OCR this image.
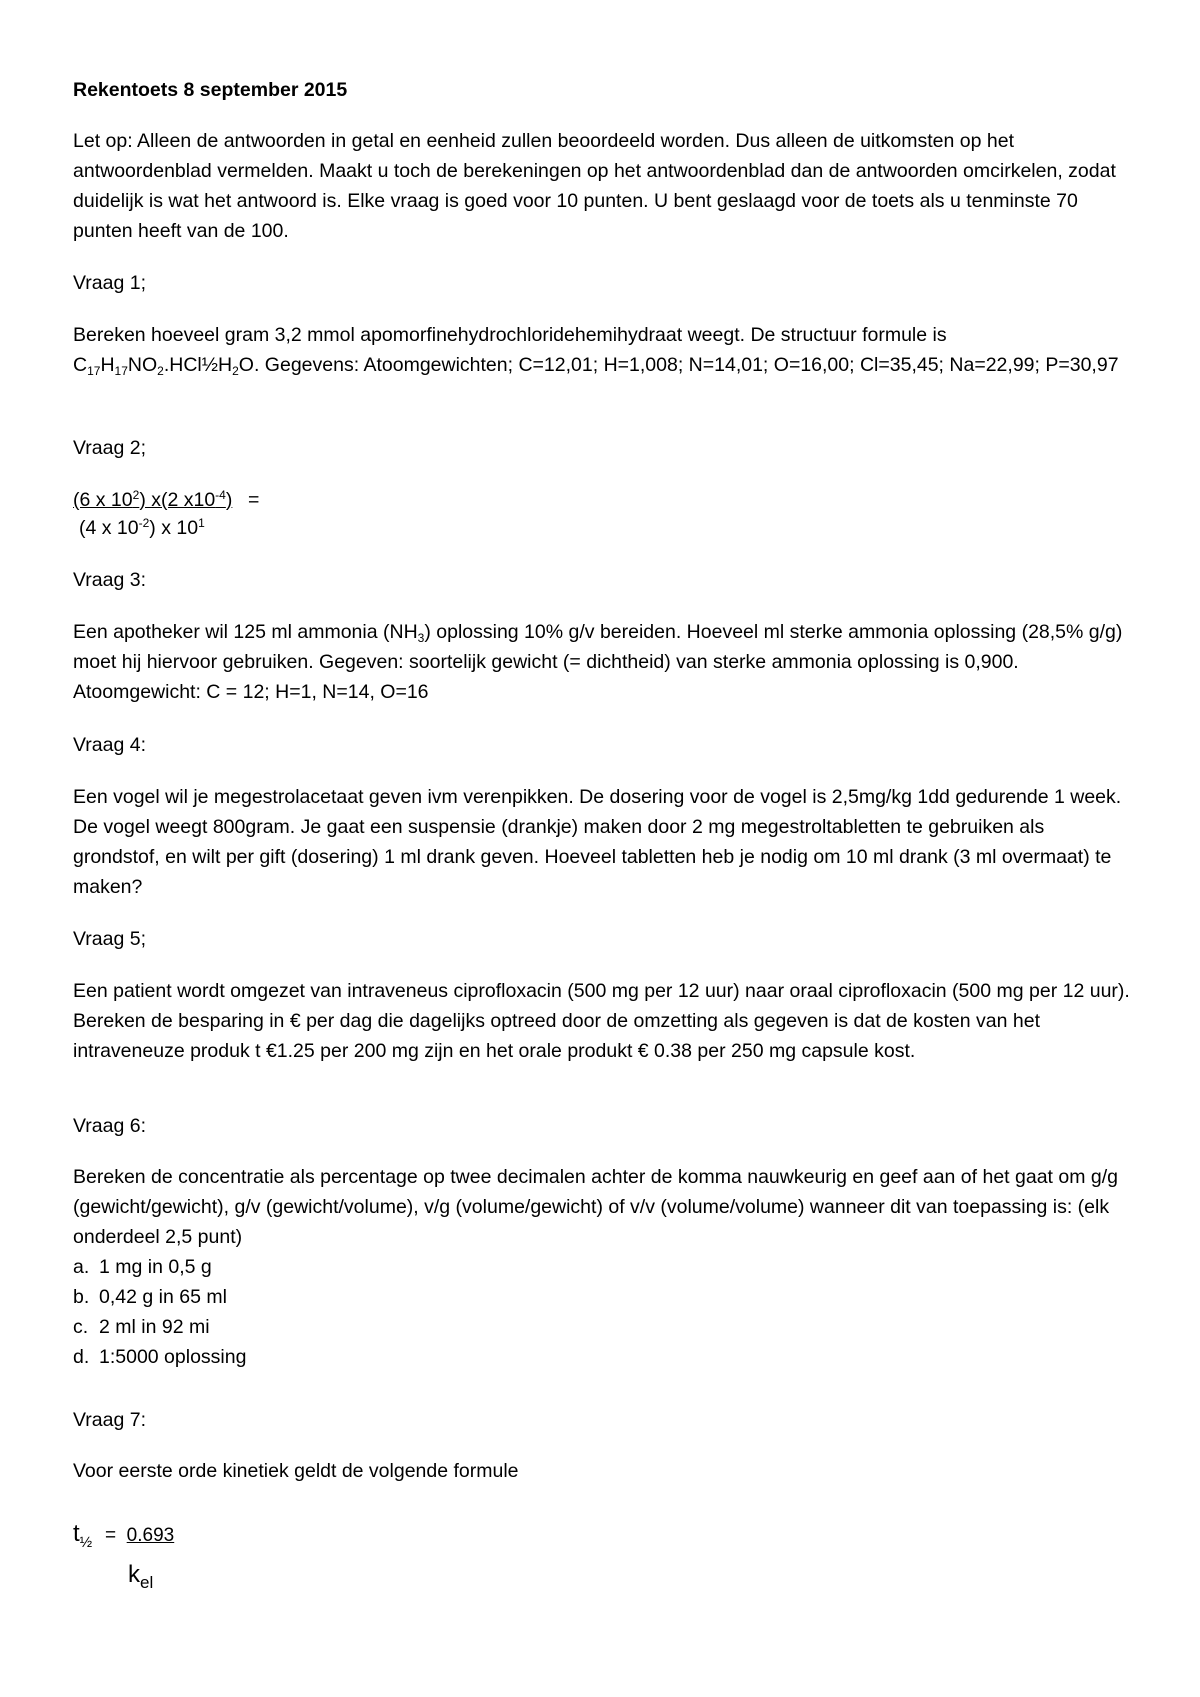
Rekentoets 8 september 2015

Let op: Alleen de antwoorden in getal en eenheid zullen beoordeeld worden. Dus alleen de uitkomsten op het antwoordenblad vermelden. Maakt u toch de berekeningen op het antwoordenblad dan de antwoorden omcirkelen, zodat duidelijk is wat het antwoord is. Elke vraag is goed voor 10 punten. U bent geslaagd voor de toets als u tenminste 70 punten heeft van de 100.

Vraag 1;

Bereken hoeveel gram 3,2 mmol apomorfinehydrochloridehemihydraat weegt. De structuur formule is
$C_{17}H_{17}NO_2.HCl\frac{1}{2}H_2O$. Gegevens: Atoomgewichten; C=12,01; H=1,008; N=14,01; O=16,00; Cl=35,45; Na=22,99; P=30,97

Vraag 2;

(6 x $10^2$) x(2 $x10^{-4}$) =
(4 x $10^{-2}$) x $10^1$

Vraag 3:

Een apotheker wil 125 ml ammonia $(NH_3)$ oplossing 10% g/v bereiden. Hoeveel ml sterke ammonia oplossing (28,5% g/g) moet hij hiervoor gebruiken. Gegeven: soortelijk gewicht (= dichtheid) van sterke ammonia oplossing is 0,900. Atoomgewicht: C = 12; H=1, N=14, O=16

Vraag 4:

Een vogel wil je megestrolacetaat geven ivm verenpikken. De dosering voor de vogel is 2,5mg/kg 1dd gedurende 1 week. De vogel weegt 800gram. Je gaat een suspensie (drankje) maken door 2 mg megestroltabletten te gebruiken als grondstof, en wilt per gift (dosering) 1 ml drank geven. Hoeveel tabletten heb je nodig om 10 ml drank (3 ml overmaat) te maken?

Vraag 5;

Een patient wordt omgezet van intraveneus ciprofloxacin (500 mg per 12 uur) naar oraal ciprofloxacin (500 mg per 12 uur). Bereken de besparing in € per dag die dagelijks optreed door de omzetting als gegeven is dat de kosten van het intraveneuze produk t €1.25 per 200 mg zijn en het orale produkt € 0.38 per 250 mg capsule kost.

Vraag 6:

Bereken de concentratie als percentage op twee decimalen achter de komma nauwkeurig en geef aan of het gaat om g/g (gewicht/gewicht), g/v (gewicht/volume), v/g (volume/gewicht) of v/v (volume/volume) wanneer dit van toepassing is: (elk onderdeel 2,5 punt)

a. 1 mg in 0,5 g
b. 0,42 g in 65 ml
c. 2 ml in 92 mi
d. 1:5000 oplossing

Vraag 7:

Voor eerste orde kinetiek geldt de volgende formule

$t_{\frac{1}{2}} = 0.693$
$k_{el}$
